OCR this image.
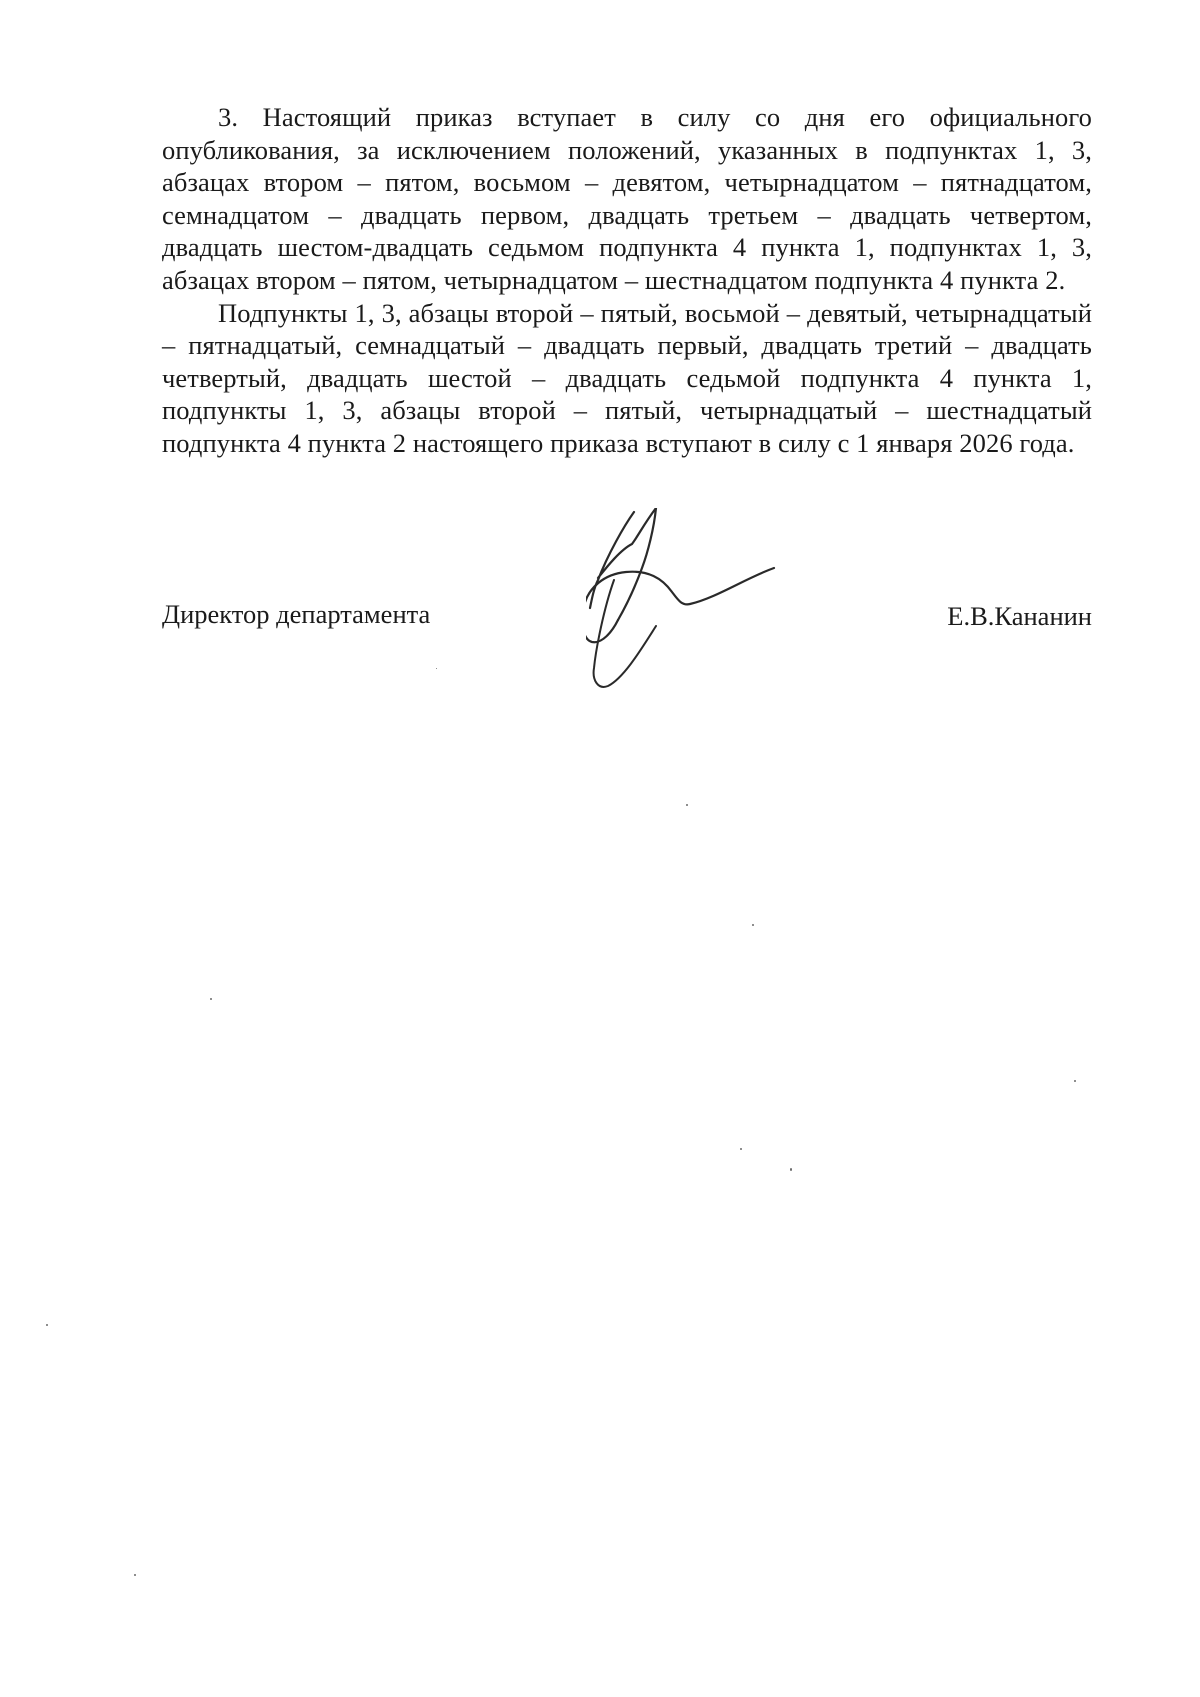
3. Настоящий приказ вступает в силу со дня его официального опубликования, за исключением положений, указанных в подпунктах 1, 3, абзацах втором – пятом, восьмом – девятом, четырнадцатом – пятнадцатом, семнадцатом – двадцать первом, двадцать третьем – двадцать четвертом, двадцать шестом-двадцать седьмом подпункта 4 пункта 1, подпунктах 1, 3, абзацах втором – пятом, четырнадцатом – шестнадцатом подпункта 4 пункта 2.

Подпункты 1, 3, абзацы второй – пятый, восьмой – девятый, четырнадцатый – пятнадцатый, семнадцатый – двадцать первый, двадцать третий – двадцать четвертый, двадцать шестой – двадцать седьмой подпункта 4 пункта 1, подпункты 1, 3, абзацы второй – пятый, четырнадцатый – шестнадцатый подпункта 4 пункта 2 настоящего приказа вступают в силу с 1 января 2026 года.

Директор департамента	Е.В.Кананин
